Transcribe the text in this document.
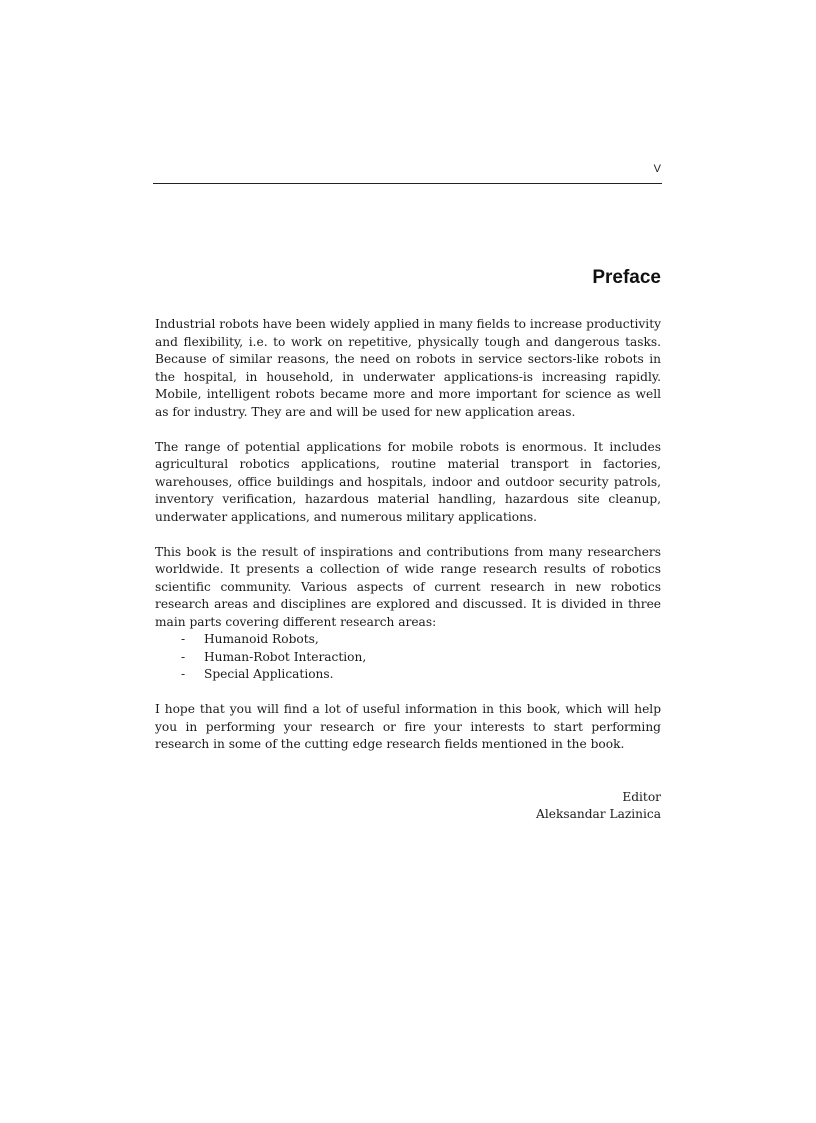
V
Preface

Industrial robots have been widely applied in many fields to increase productivity and flexibility, i.e. to work on repetitive, physically tough and dangerous tasks. Because of similar reasons, the need on robots in service sectors-like robots in the hospital, in household, in underwater applications-is increasing rapidly. Mobile, intelligent robots became more and more important for science as well as for industry. They are and will be used for new application areas.

The range of potential applications for mobile robots is enormous. It includes agricultural robotics applications, routine material transport in factories, warehouses, office buildings and hospitals, indoor and outdoor security patrols, inventory verification, hazardous material handling, hazardous site cleanup, underwater applications, and numerous military applications.

This book is the result of inspirations and contributions from many researchers worldwide. It presents a collection of wide range research results of robotics scientific community. Various aspects of current research in new robotics research areas and disciplines are explored and discussed. It is divided in three main parts covering different research areas:

- Humanoid Robots,
- Human-Robot Interaction,
- Special Applications.

I hope that you will find a lot of useful information in this book, which will help you in performing your research or fire your interests to start performing research in some of the cutting edge research fields mentioned in the book.

Editor
Aleksandar Lazinica
